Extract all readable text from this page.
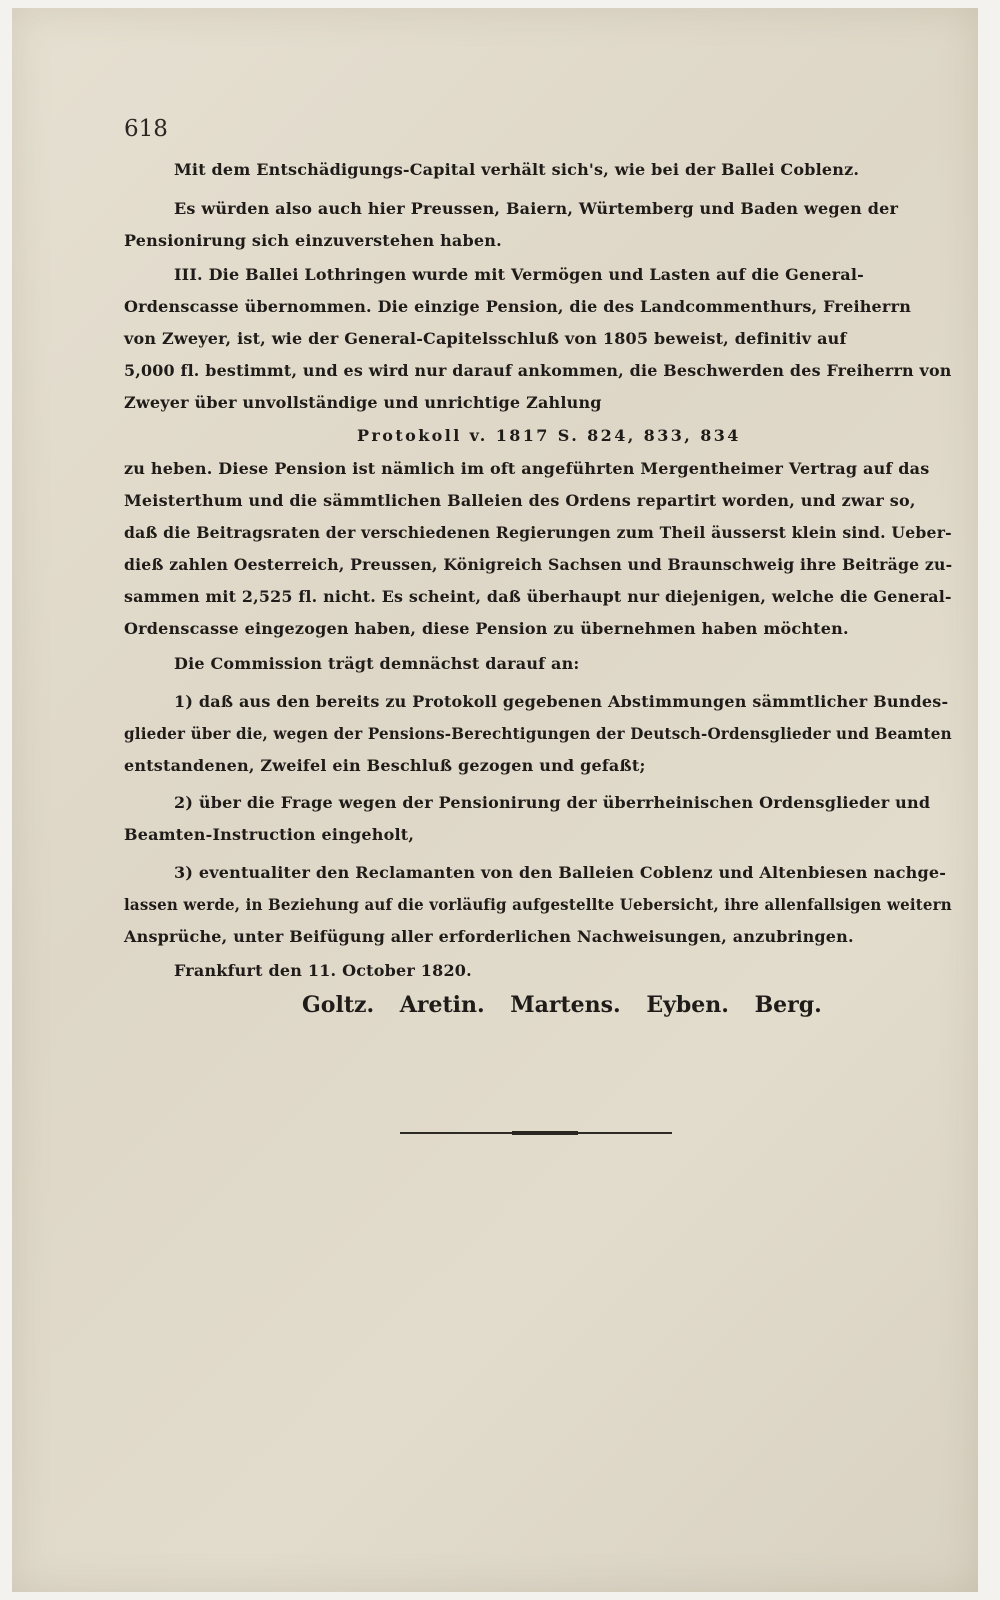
618

Mit dem Entschädigungs-Capital verhält sich's, wie bei der Ballei Coblenz.

Es würden also auch hier Preussen, Baiern, Würtemberg und Baden wegen der

Pensionirung sich einzuverstehen haben.

III. Die Ballei Lothringen wurde mit Vermögen und Lasten auf die General-

Ordenscasse übernommen. Die einzige Pension, die des Landcommenthurs, Freiherrn

von Zweyer, ist, wie der General-Capitelsschluß von 1805 beweist, definitiv auf

5,000 fl. bestimmt, und es wird nur darauf ankommen, die Beschwerden des Freiherrn von

Zweyer über unvollständige und unrichtige Zahlung

Protokoll v. 1817 S. 824, 833, 834

zu heben. Diese Pension ist nämlich im oft angeführten Mergentheimer Vertrag auf das

Meisterthum und die sämmtlichen Balleien des Ordens repartirt worden, und zwar so,

daß die Beitragsraten der verschiedenen Regierungen zum Theil äusserst klein sind. Ueber-

dieß zahlen Oesterreich, Preussen, Königreich Sachsen und Braunschweig ihre Beiträge zu-

sammen mit 2,525 fl. nicht. Es scheint, daß überhaupt nur diejenigen, welche die General-

Ordenscasse eingezogen haben, diese Pension zu übernehmen haben möchten.

Die Commission trägt demnächst darauf an:

1) daß aus den bereits zu Protokoll gegebenen Abstimmungen sämmtlicher Bundes-

glieder über die, wegen der Pensions-Berechtigungen der Deutsch-Ordensglieder und Beamten

entstandenen, Zweifel ein Beschluß gezogen und gefaßt;

2) über die Frage wegen der Pensionirung der überrheinischen Ordensglieder und

Beamten-Instruction eingeholt,

3) eventualiter den Reclamanten von den Balleien Coblenz und Altenbiesen nachge-

lassen werde, in Beziehung auf die vorläufig aufgestellte Uebersicht, ihre allenfallsigen weitern

Ansprüche, unter Beifügung aller erforderlichen Nachweisungen, anzubringen.

Frankfurt den 11. October 1820.

Goltz. Aretin. Martens. Eyben. Berg.
